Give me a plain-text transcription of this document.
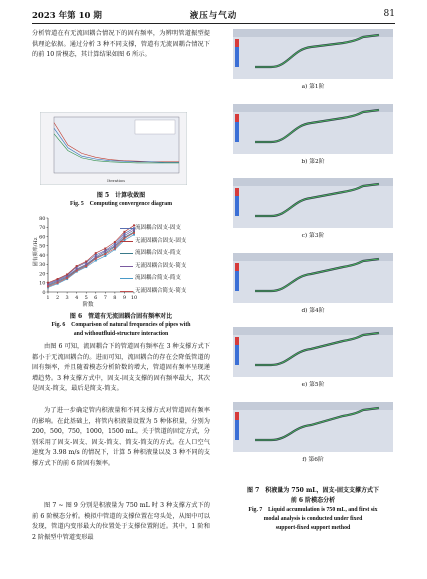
2023 年第 10 期	液压与气动	81
分析管道在有无流固耦合情况下的固有频率，为辨明管道振型提供理论依据。通过分析 3 种不同支撑，管道有无流固耦合情况下的前 10 阶模态，其计算结果如图 6 所示。
Iteration
图 5　计算收敛图
Fig. 5　Computing convergence diagram
固有频率/Hz
0
10
20
30
40
50
60
70
80
1 2 3 4 5 6 7 8 9 10
阶数
流固耦合固支-固支
无流固耦合固支-固支
流固耦合固支-简支
无流固耦合固支-简支
流固耦合简支-简支
无流固耦合简支-简支
图 6　管道有无流固耦合固有频率对比
Fig. 6　Comparison of natural frequencies of pipes with
and withoutfluid-structure interaction
由图 6 可知，流固耦合下的管道固有频率在 3 种支撑方式下都小于无流固耦合的。进而可知，流固耦合的存在会降低管道的固有频率，并且随着模态分析阶数的增大，管道固有频率呈现递增趋势。3 种支撑方式中，固支-固支支撑的固有频率最大，其次是固支-简支，最后是简支-简支。
为了进一步确定管内积液量和不同支撑方式对管道固有频率的影响。在此基础上，将管内积液量设置为 5 种体积量，分别为 200，500，750，1000，1500 mL。关于管道的固定方式，分别采用了固支-固支、固支-简支、简支-简支的方式。在人口空气速度为 3.98 m/s 的情况下，计算 5 种积液量以及 3 种不同的支撑方式下的前 6 阶固有频率。
图 7 ~ 图 9 分别是积液量为 750 mL 时 3 种支撑方式下的前 6 阶模态分析。模拟中管道的支撑位置在弯头处，从图中可以发现，管道内变形最大的位置处于支撑位置附近。其中，1 阶和 2 阶振型中管道变形最
a) 第1阶
b) 第2阶
c) 第3阶
d) 第4阶
e) 第5阶
f) 第6阶
图 7　积液量为 750 mL，固支-固支支撑方式下
前 6 阶模态分析
Fig. 7　Liquid accumulation is 750 mL, and first six
modal analysis is conducted under fixed
support-fixed support method
